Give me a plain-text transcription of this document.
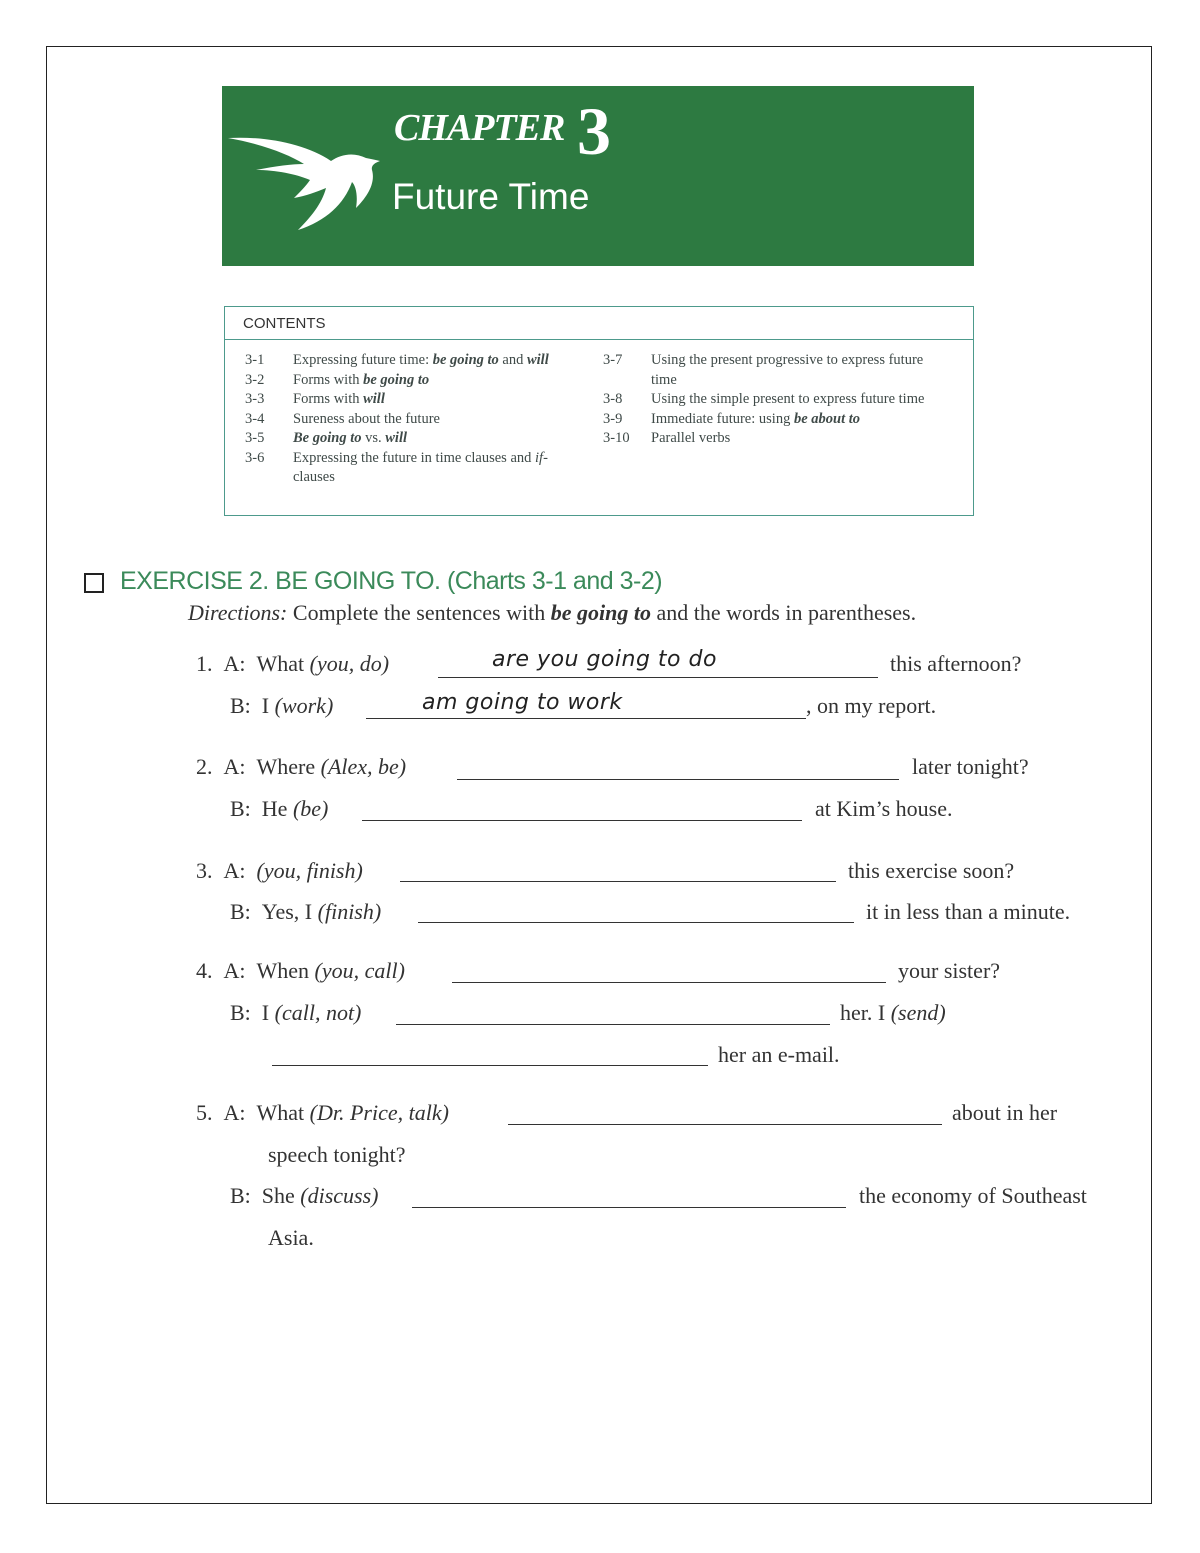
CHAPTER 3
Future Time
CONTENTS
3-1	Expressing future time: be going to and will
3-2	Forms with be going to
3-3	Forms with will
3-4	Sureness about the future
3-5	Be going to vs. will
3-6	Expressing the future in time clauses and if-clauses
3-7	Using the present progressive to express future time
3-8	Using the simple present to express future time
3-9	Immediate future: using be about to
3-10	Parallel verbs
EXERCISE 2. BE GOING TO. (Charts 3-1 and 3-2)
Directions: Complete the sentences with be going to and the words in parentheses.
1. A: What (you, do)	are you going to do	this afternoon?
B: I (work)	am going to work	, on my report.
2. A: Where (Alex, be)	later tonight?
B: He (be)	at Kim’s house.
3. A: (you, finish)	this exercise soon?
B: Yes, I (finish)	it in less than a minute.
4. A: When (you, call)	your sister?
B: I (call, not)	her. I (send)
her an e-mail.
5. A: What (Dr. Price, talk)	about in her
speech tonight?
B: She (discuss)	the economy of Southeast
Asia.
